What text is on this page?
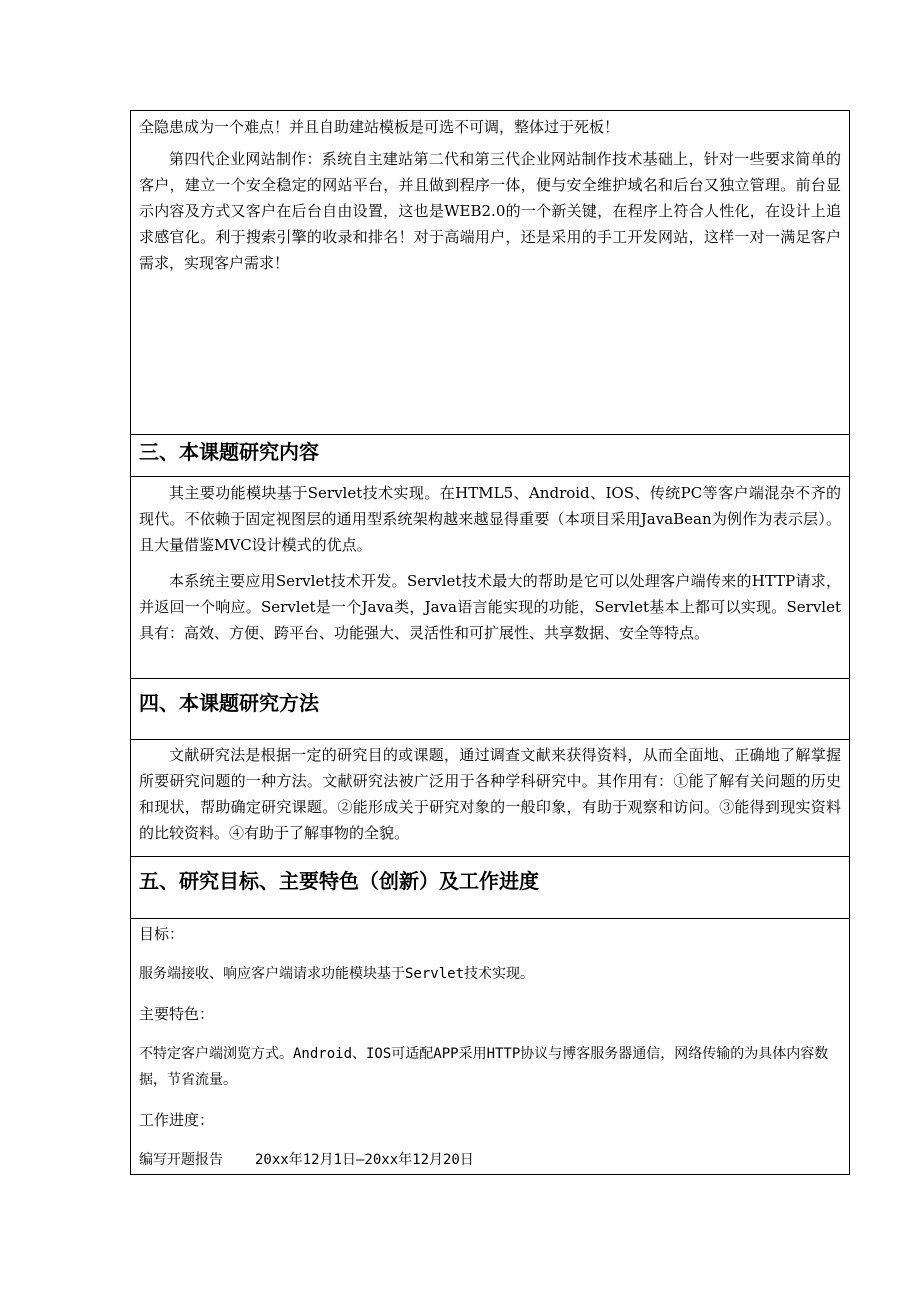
全隐患成为一个难点！并且自助建站模板是可选不可调，整体过于死板！

第四代企业网站制作：系统自主建站第二代和第三代企业网站制作技术基础上，针对一些要求简单的客户，建立一个安全稳定的网站平台，并且做到程序一体，便与安全维护域名和后台又独立管理。前台显示内容及方式又客户在后台自由设置，这也是WEB2.0的一个新关键，在程序上符合人性化，在设计上追求感官化。利于搜索引擎的收录和排名！对于高端用户，还是采用的手工开发网站，这样一对一满足客户需求，实现客户需求！

三、本课题研究内容

其主要功能模块基于Servlet技术实现。在HTML5、Android、IOS、传统PC等客户端混杂不齐的现代。不依赖于固定视图层的通用型系统架构越来越显得重要（本项目采用JavaBean为例作为表示层）。且大量借鉴MVC设计模式的优点。

本系统主要应用Servlet技术开发。Servlet技术最大的帮助是它可以处理客户端传来的HTTP请求，并返回一个响应。Servlet是一个Java类，Java语言能实现的功能，Servlet基本上都可以实现。Servlet具有：高效、方便、跨平台、功能强大、灵活性和可扩展性、共享数据、安全等特点。

四、本课题研究方法

文献研究法是根据一定的研究目的或课题，通过调查文献来获得资料，从而全面地、正确地了解掌握所要研究问题的一种方法。文献研究法被广泛用于各种学科研究中。其作用有：①能了解有关问题的历史和现状，帮助确定研究课题。②能形成关于研究对象的一般印象，有助于观察和访问。③能得到现实资料的比较资料。④有助于了解事物的全貌。

五、研究目标、主要特色（创新）及工作进度

目标：

服务端接收、响应客户端请求功能模块基于Servlet技术实现。

主要特色：

不特定客户端浏览方式。Android、IOS可适配APP采用HTTP协议与博客服务器通信，网络传输的为具体内容数据，节省流量。

工作进度：

编写开题报告 20xx年12月1日—20xx年12月20日
